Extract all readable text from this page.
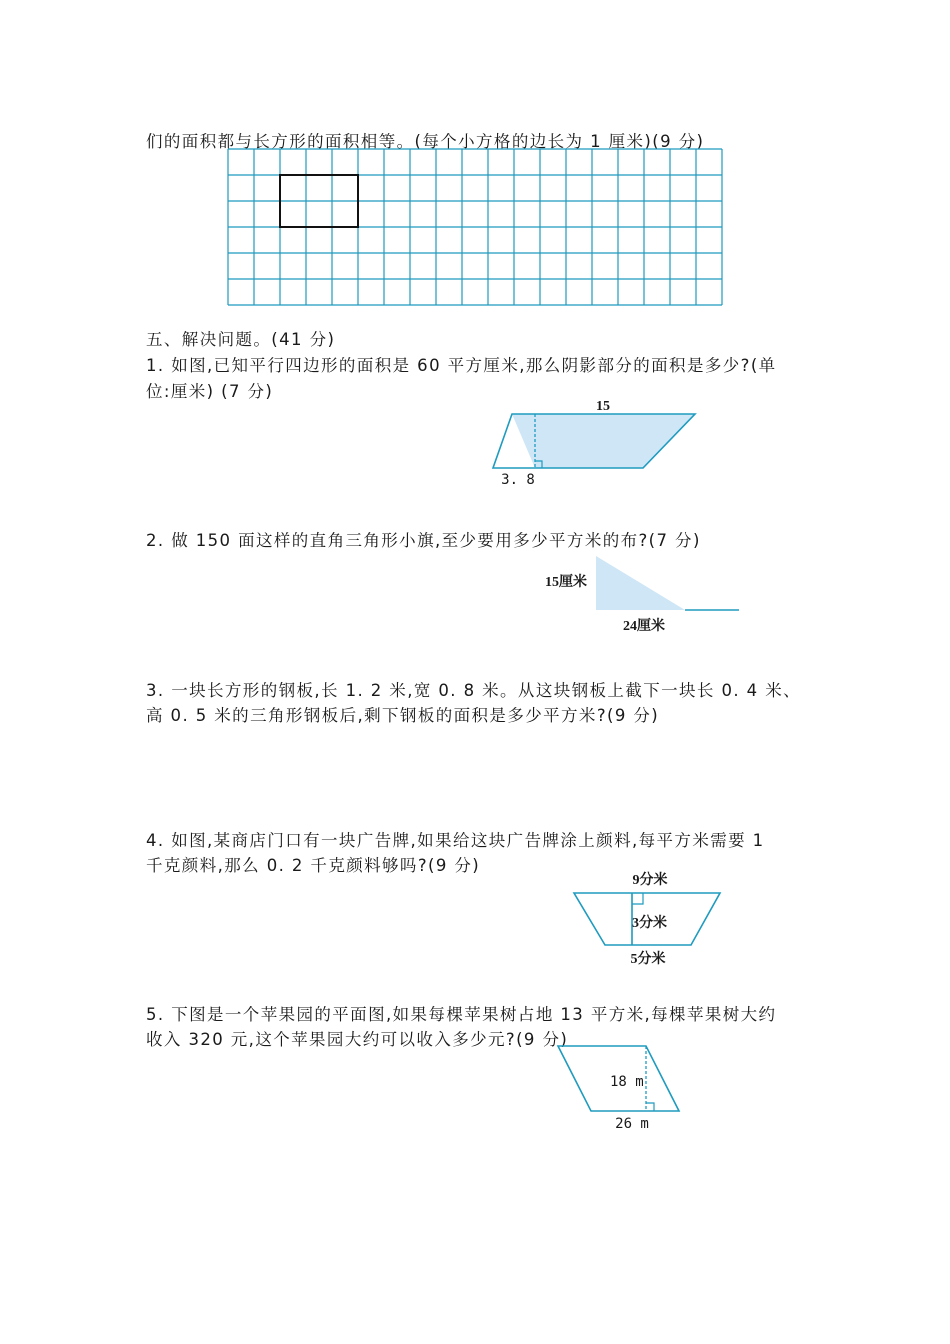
们的面积都与长方形的面积相等。(每个小方格的边长为 1 厘米)(9 分)
五、解决问题。(41 分)
1. 如图,已知平行四边形的面积是 60 平方厘米,那么阴影部分的面积是多少?(单
位:厘米) (7 分)
15
3. 8
2. 做 150 面这样的直角三角形小旗,至少要用多少平方米的布?(7 分)
15厘米
24厘米
3. 一块长方形的钢板,长 1. 2 米,宽 0. 8 米。从这块钢板上截下一块长 0. 4 米、
高 0. 5 米的三角形钢板后,剩下钢板的面积是多少平方米?(9 分)
4. 如图,某商店门口有一块广告牌,如果给这块广告牌涂上颜料,每平方米需要 1
千克颜料,那么 0. 2 千克颜料够吗?(9 分)
9分米
3分米
5分米
5. 下图是一个苹果园的平面图,如果每棵苹果树占地 13 平方米,每棵苹果树大约
收入 320 元,这个苹果园大约可以收入多少元?(9 分)
18 m
26 m
